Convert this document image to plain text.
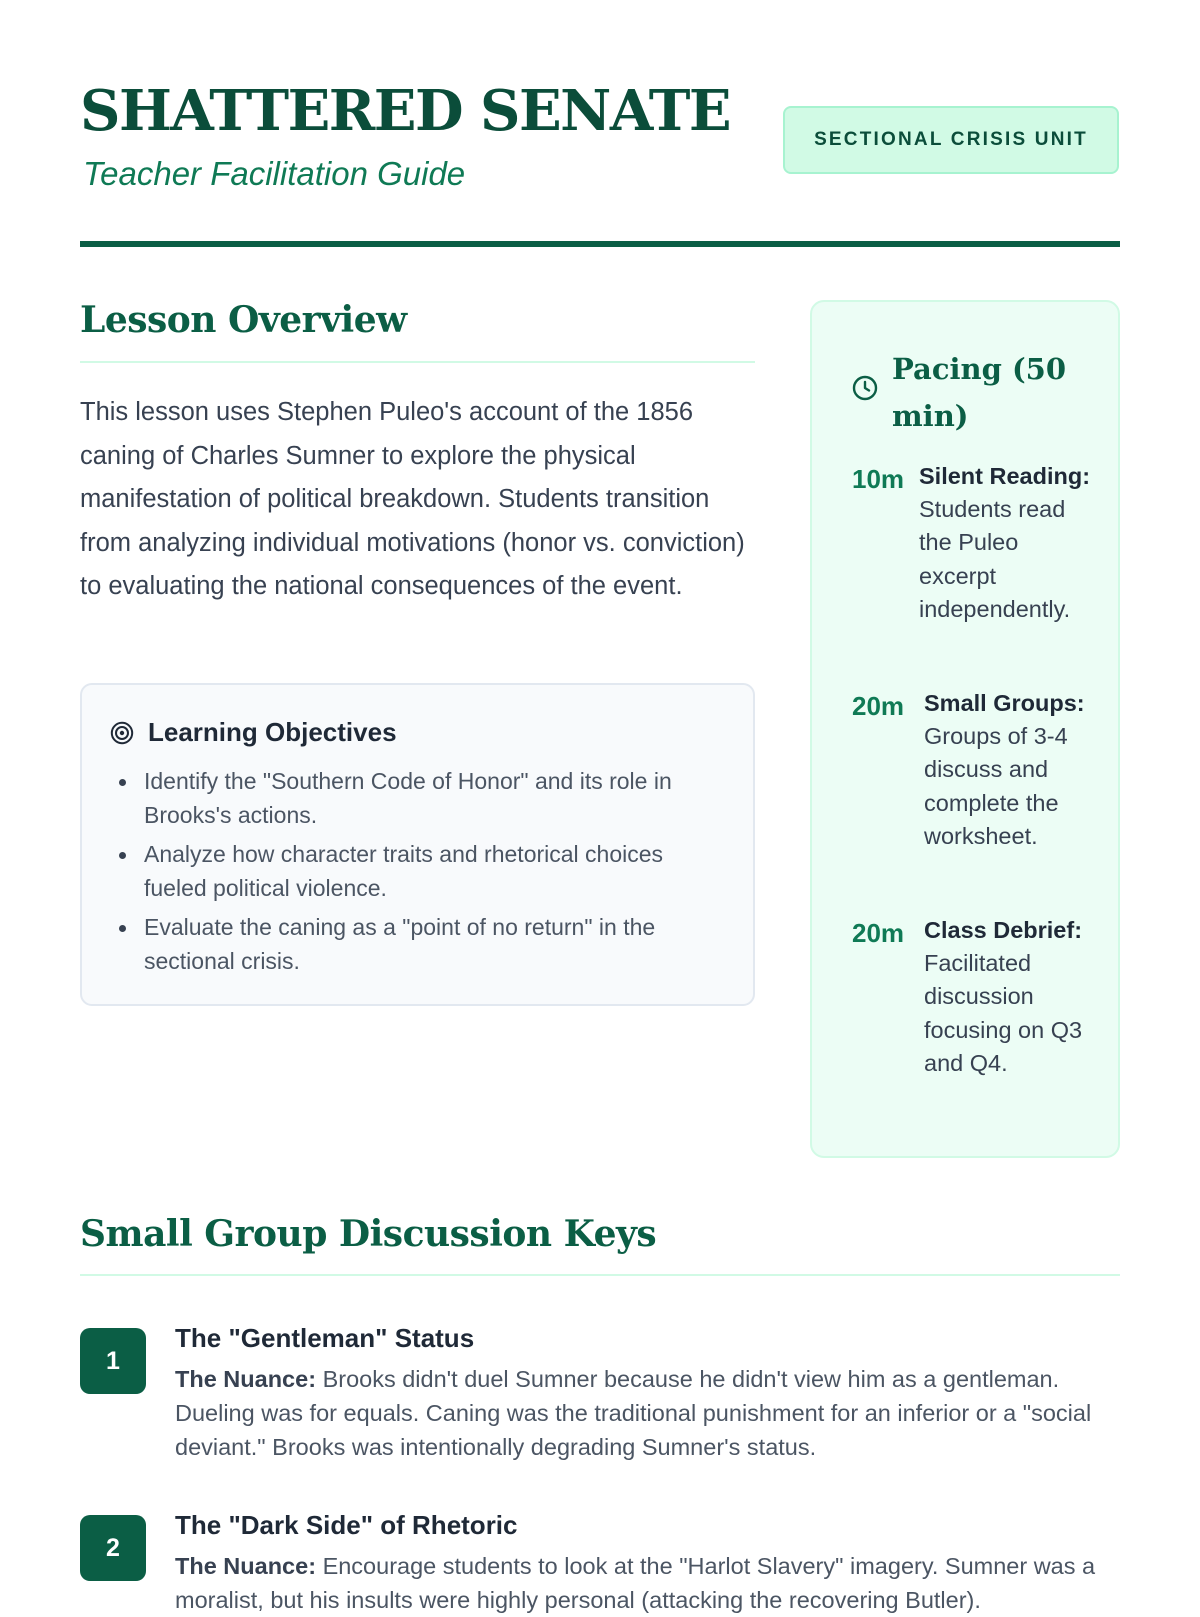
SHATTERED SENATE
Teacher Facilitation Guide
SECTIONAL CRISIS UNIT
Lesson Overview

This lesson uses Stephen Puleo's account of the 1856 caning of Charles Sumner to explore the physical manifestation of political breakdown. Students transition from analyzing individual motivations (honor vs. conviction) to evaluating the national consequences of the event.

Learning Objectives
Identify the "Southern Code of Honor" and its role in Brooks's actions.
Analyze how character traits and rhetorical choices fueled political violence.
Evaluate the caning as a "point of no return" in the sectional crisis.
Pacing (50 min)
10m Silent Reading: Students read the Puleo excerpt independently.
20m Small Groups: Groups of 3-4 discuss and complete the worksheet.
20m Class Debrief: Facilitated discussion focusing on Q3 and Q4.
Small Group Discussion Keys
1
The "Gentleman" Status
The Nuance: Brooks didn't duel Sumner because he didn't view him as a gentleman. Dueling was for equals. Caning was the traditional punishment for an inferior or a "social deviant." Brooks was intentionally degrading Sumner's status.
2
The "Dark Side" of Rhetoric
The Nuance: Encourage students to look at the "Harlot Slavery" imagery. Sumner was a moralist, but his insults were highly personal (attacking the recovering Butler).
